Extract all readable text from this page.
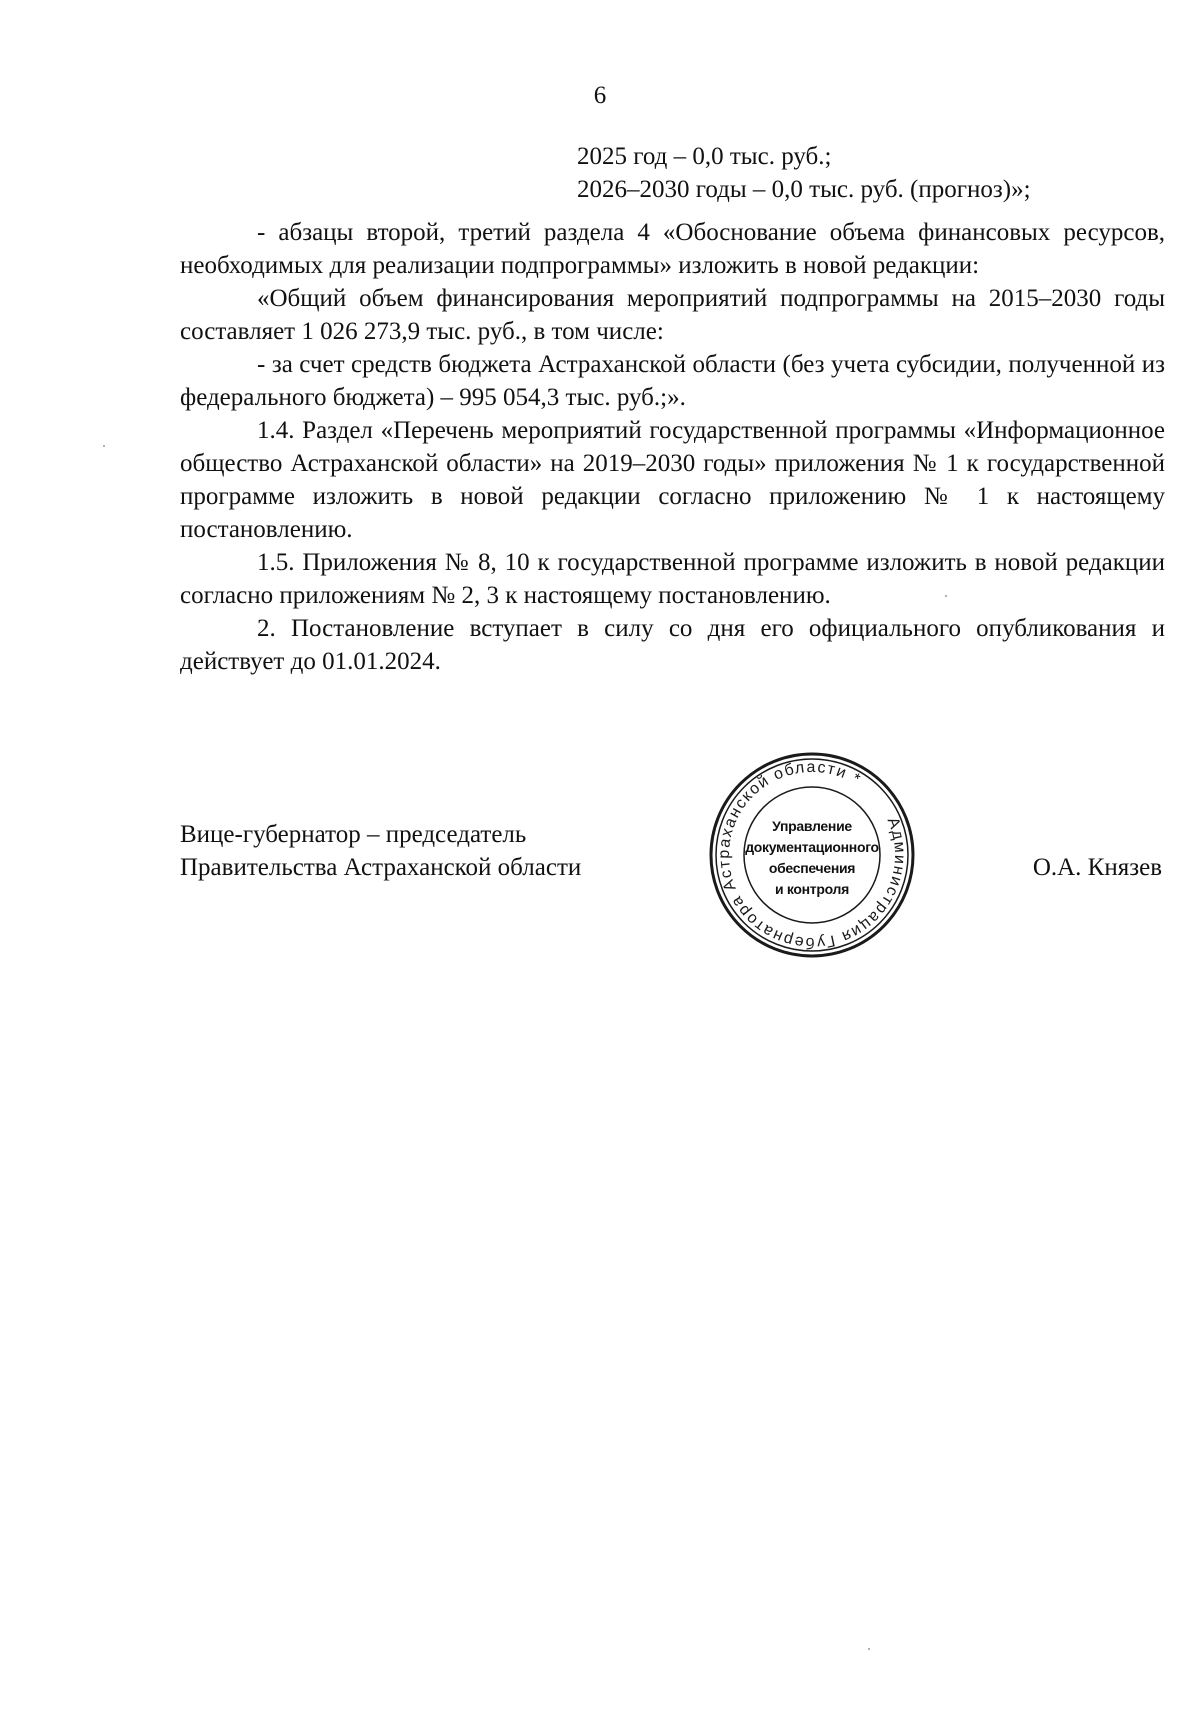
6
2025 год – 0,0 тыс. руб.;
2026–2030 годы – 0,0 тыс. руб. (прогноз)»;

- абзацы второй, третий раздела 4 «Обоснование объема финансовых ресурсов, необходимых для реализации подпрограммы» изложить в новой редакции:

«Общий объем финансирования мероприятий подпрограммы на 2015–2030 годы составляет 1 026 273,9 тыс. руб., в том числе:

- за счет средств бюджета Астраханской области (без учета субсидии, полученной из федерального бюджета) – 995 054,3 тыс. руб.;».

1.4. Раздел «Перечень мероприятий государственной программы «Информационное общество Астраханской области» на 2019–2030 годы» приложения № 1 к государственной программе изложить в новой редакции согласно приложению № 1 к настоящему постановлению.

1.5. Приложения № 8, 10 к государственной программе изложить в новой редакции согласно приложениям № 2, 3 к настоящему постановлению.

2. Постановление вступает в силу со дня его официального опубликования и действует до 01.01.2024.

Вице-губернатор – председатель
Правительства Астраханской области
Администрация Губернатора Астраханской области *
Управление
документационного
обеспечения
и контроля
О.А. Князев
